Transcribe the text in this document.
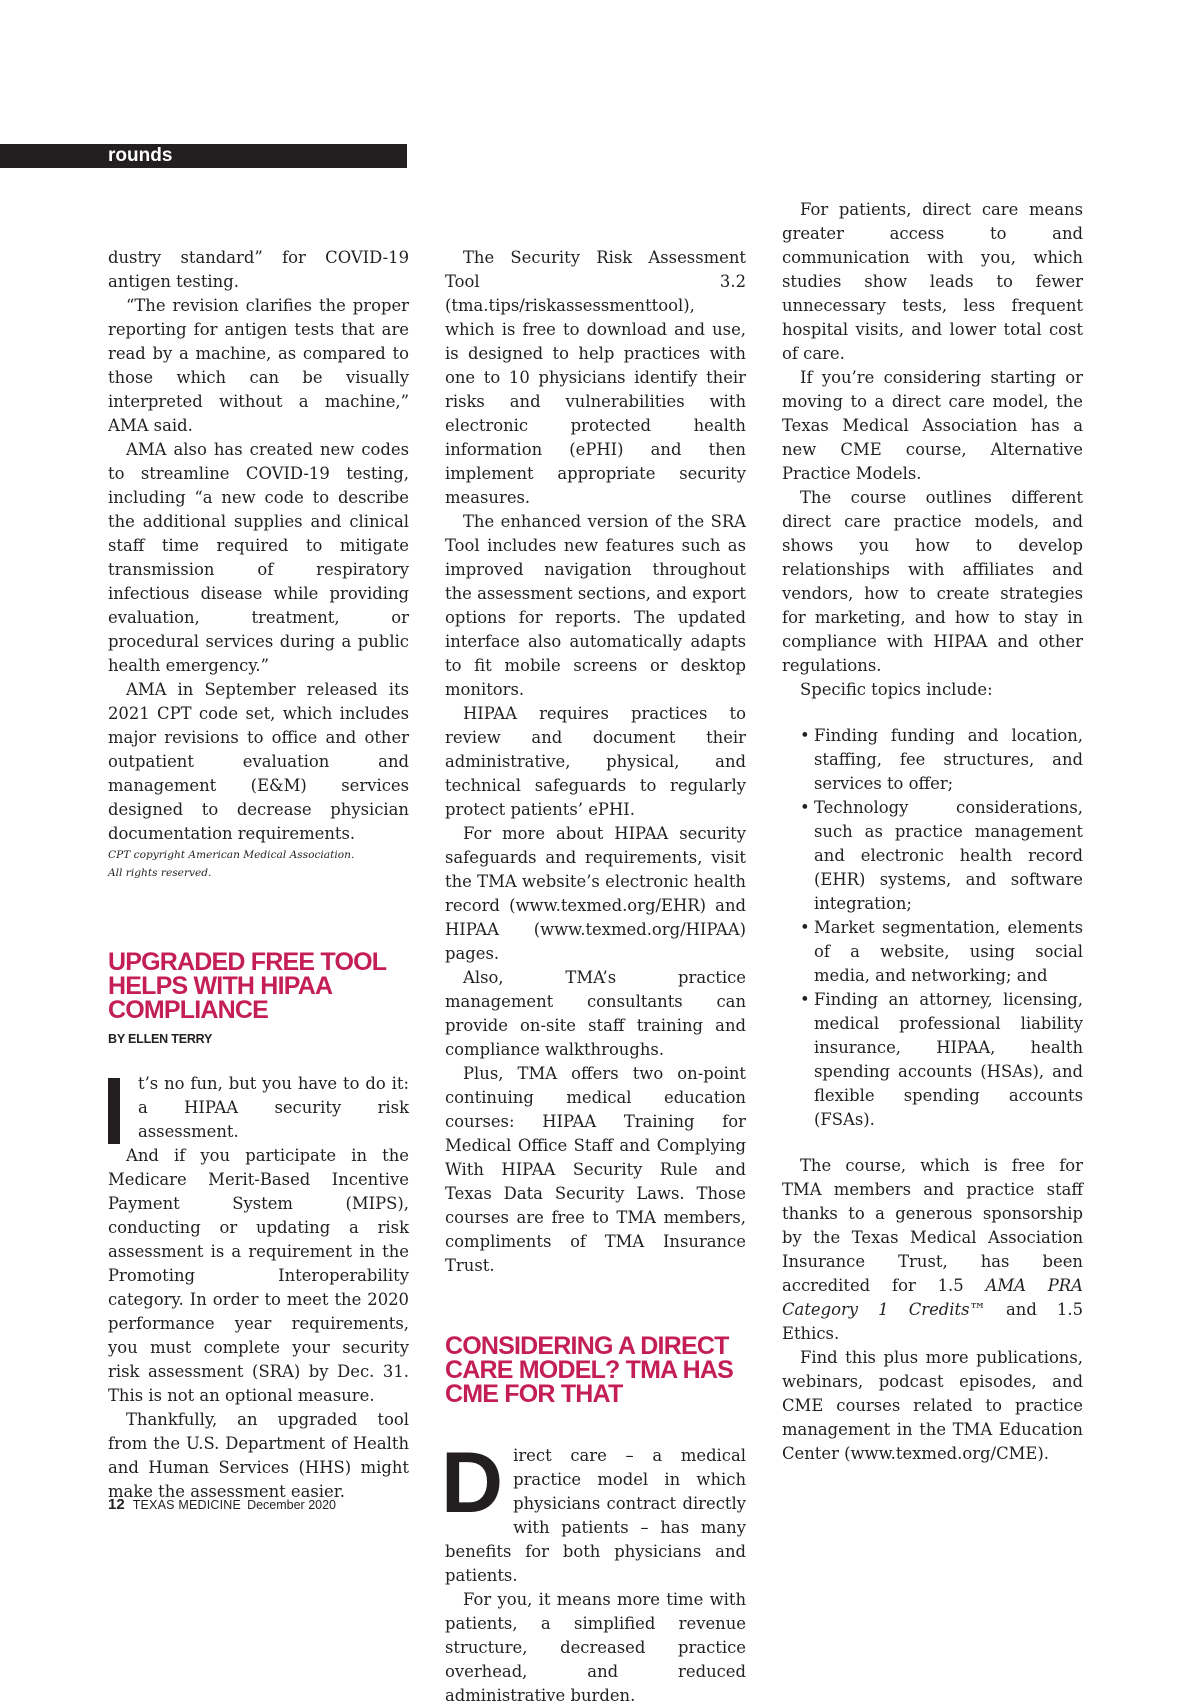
rounds

dustry standard” for COVID-19 antigen testing.

“The revision clarifies the proper reporting for antigen tests that are read by a machine, as compared to those which can be visually interpreted without a machine,” AMA said.

AMA also has created new codes to streamline COVID-19 testing, including “a new code to describe the additional supplies and clinical staff time required to mitigate transmission of respiratory infectious disease while providing evaluation, treatment, or procedural services during a public health emergency.”

AMA in September released its 2021 CPT code set, which includes major revisions to office and other outpatient evaluation and management (E&M) services designed to decrease physician documentation requirements.

CPT copyright American Medical Association.
All rights reserved.
UPGRADED FREE TOOL
HELPS WITH HIPAA
COMPLIANCE
BY ELLEN TERRY

t’s no fun, but you have to do it: a HIPAA security risk assessment.

And if you participate in the Medicare Merit-Based Incentive Payment System (MIPS), conducting or updating a risk assessment is a requirement in the Promoting Interoperability category. In order to meet the 2020 performance year requirements, you must complete your security risk assessment (SRA) by Dec. 31. This is not an optional measure.

Thankfully, an upgraded tool from the U.S. Department of Health and Human Services (HHS) might make the assessment easier.

The Security Risk Assessment Tool 3.2 (tma.tips/riskassessmenttool), which is free to download and use, is designed to help practices with one to 10 physicians identify their risks and vulnerabilities with electronic protected health information (ePHI) and then implement appropriate security measures.

The enhanced version of the SRA Tool includes new features such as improved navigation throughout the assessment sections, and export options for reports. The updated interface also automatically adapts to fit mobile screens or desktop monitors.

HIPAA requires practices to review and document their administrative, physical, and technical safeguards to regularly protect patients’ ePHI.

For more about HIPAA security safeguards and requirements, visit the TMA website’s electronic health record (www.texmed.org/EHR) and HIPAA (www.texmed.org/HIPAA) pages.

Also, TMA’s practice management consultants can provide on-site staff training and compliance walkthroughs.

Plus, TMA offers two on-point continuing medical education courses: HIPAA Training for Medical Office Staff and Complying With HIPAA Security Rule and Texas Data Security Laws. Those courses are free to TMA members, compliments of TMA Insurance Trust.

CONSIDERING A DIRECT
CARE MODEL? TMA HAS
CME FOR THAT

D irect care – a medical practice model in which physicians contract directly with patients – has many benefits for both physicians and patients.

For you, it means more time with patients, a simplified revenue structure, decreased practice overhead, and reduced administrative burden.

For patients, direct care means greater access to and communication with you, which studies show leads to fewer unnecessary tests, less frequent hospital visits, and lower total cost of care.

If you’re considering starting or moving to a direct care model, the Texas Medical Association has a new CME course, Alternative Practice Models.

The course outlines different direct care practice models, and shows you how to develop relationships with affiliates and vendors, how to create strategies for marketing, and how to stay in compliance with HIPAA and other regulations.

Specific topics include:

• Finding funding and location, staffing, fee structures, and services to offer;
• Technology considerations, such as practice management and electronic health record (EHR) systems, and software integration;
• Market segmentation, elements of a website, using social media, and networking; and
• Finding an attorney, licensing, medical professional liability insurance, HIPAA, health spending accounts (HSAs), and flexible spending accounts (FSAs).

The course, which is free for TMA members and practice staff thanks to a generous sponsorship by the Texas Medical Association Insurance Trust, has been accredited for 1.5 AMA PRA Category 1 Credits™ and 1.5 Ethics.

Find this plus more publications, webinars, podcast episodes, and CME courses related to practice management in the TMA Education Center (www.texmed.org/CME).

12 TEXAS MEDICINE December 2020
